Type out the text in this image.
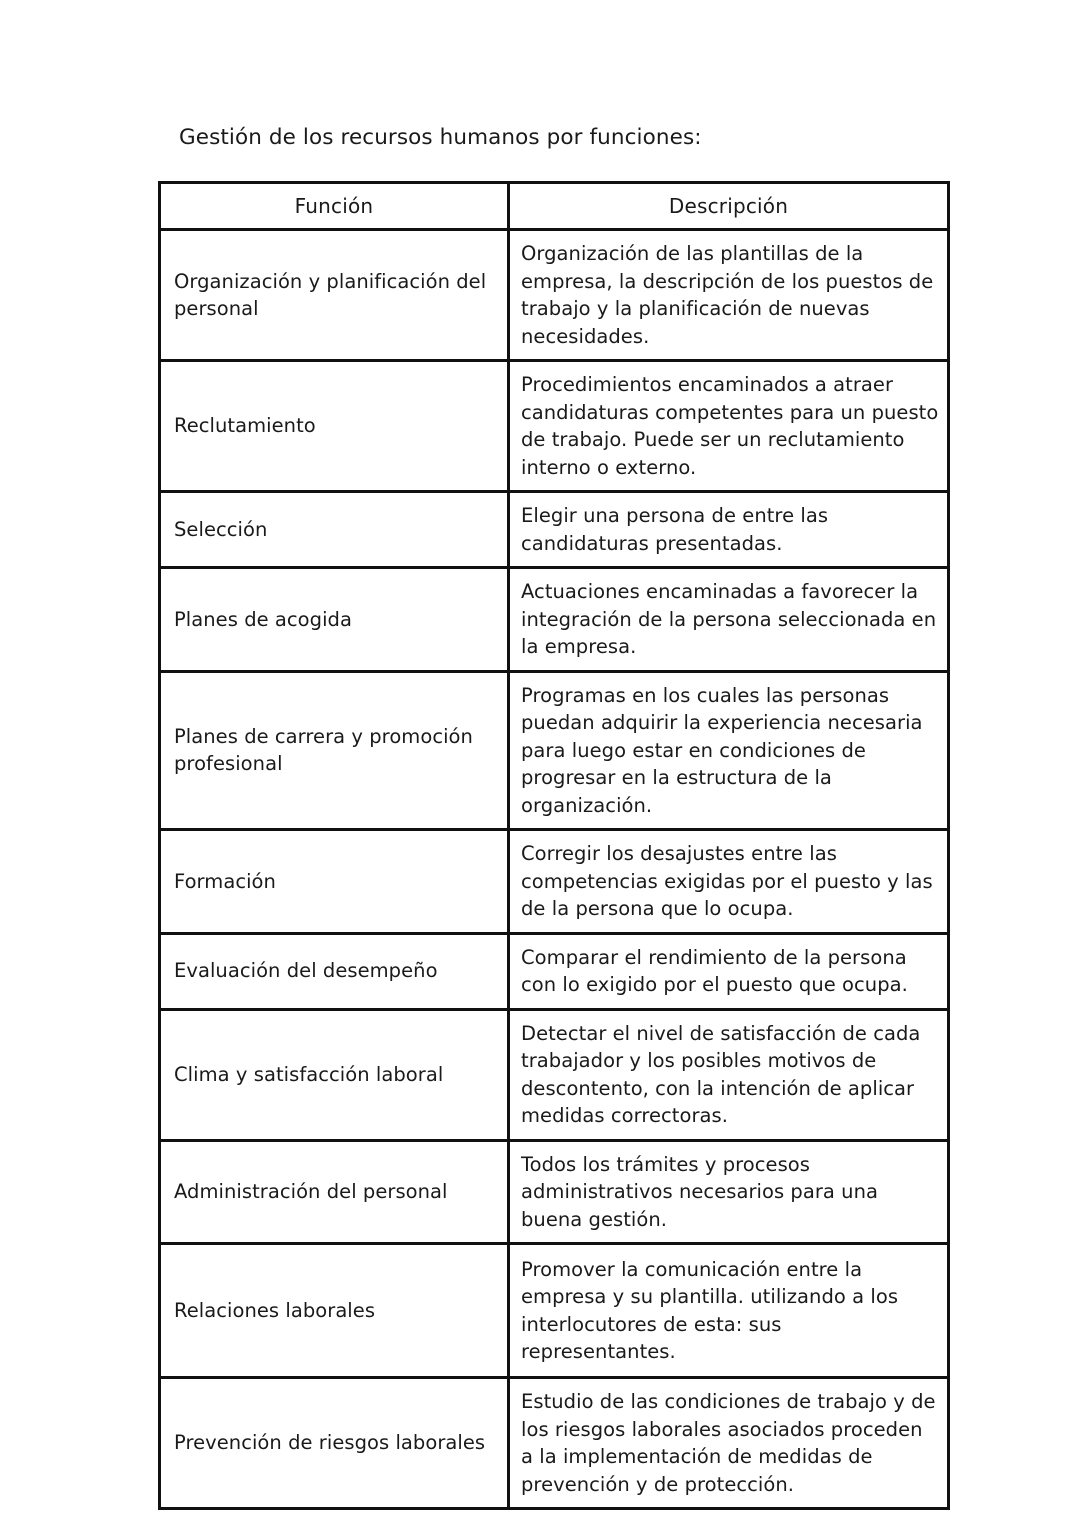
Gestión de los recursos humanos por funciones:
Función	Descripción

Organización y planificación del personal	Organización de las plantillas de la empresa, la descripción de los puestos de trabajo y la planificación de nuevas necesidades.

Reclutamiento	Procedimientos encaminados a atraer candidaturas competentes para un puesto de trabajo. Puede ser un reclutamiento interno o externo.

Selección	Elegir una persona de entre las candidaturas presentadas.

Planes de acogida	Actuaciones encaminadas a favorecer la integración de la persona seleccionada en la empresa.

Planes de carrera y promoción profesional	Programas en los cuales las personas puedan adquirir la experiencia necesaria para luego estar en condiciones de progresar en la estructura de la organización.

Formación	Corregir los desajustes entre las competencias exigidas por el puesto y las de la persona que lo ocupa.

Evaluación del desempeño	Comparar el rendimiento de la persona con lo exigido por el puesto que ocupa.

Clima y satisfacción laboral	Detectar el nivel de satisfacción de cada trabajador y los posibles motivos de descontento, con la intención de aplicar medidas correctoras.

Administración del personal	Todos los trámites y procesos administrativos necesarios para una buena gestión.

Relaciones laborales	Promover la comunicación entre la empresa y su plantilla. utilizando a los interlocutores de esta: sus representantes.

Prevención de riesgos laborales	Estudio de las condiciones de trabajo y de los riesgos laborales asociados proceden a la implementación de medidas de prevención y de protección.
